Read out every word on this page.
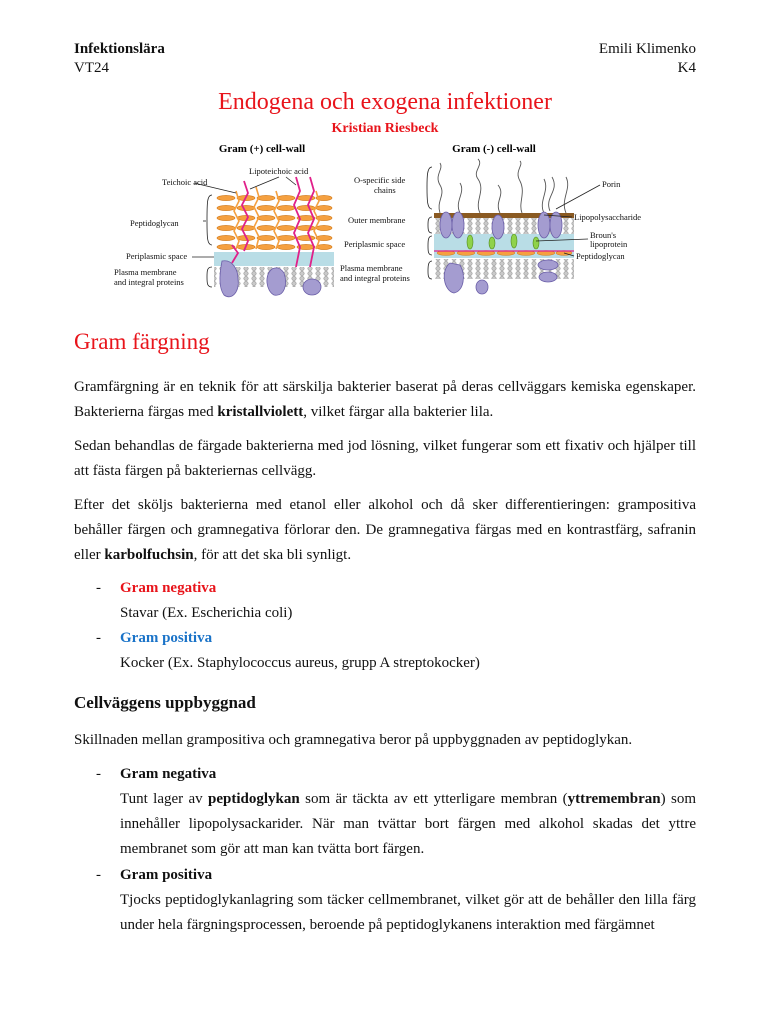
Infektionslära	Emili Klimenko
VT24	K4
Endogena och exogena infektioner
Kristian Riesbeck
Gram (+) cell-wall
Teichoic acid
Lipoteichoic acid
Peptidoglycan
Periplasmic space
Plasma membrane
and integral proteins
Gram (-) cell-wall
O-specific side
chains
Outer membrane
Periplasmic space
Plasma membrane
and integral proteins
Porin
Lipopolysaccharide
Broun's
lipoprotein
Peptidoglycan
Gram färgning

Gramfärgning är en teknik för att särskilja bakterier baserat på deras cellväggars kemiska egenskaper. Bakterierna färgas med kristallviolett, vilket färgar alla bakterier lila.

Sedan behandlas de färgade bakterierna med jod lösning, vilket fungerar som ett fixativ och hjälper till att fästa färgen på bakteriernas cellvägg.

Efter det sköljs bakterierna med etanol eller alkohol och då sker differentieringen: grampositiva behåller färgen och gramnegativa förlorar den. De gramnegativa färgas med en kontrastfärg, safranin eller karbolfuchsin, för att det ska bli synligt.

- Gram negativa
Stavar (Ex. Escherichia coli)
- Gram positiva
Kocker (Ex. Staphylococcus aureus, grupp A streptokocker)
Cellväggens uppbyggnad

Skillnaden mellan grampositiva och gramnegativa beror på uppbyggnaden av peptidoglykan.

- Gram negativa
Tunt lager av peptidoglykan som är täckta av ett ytterligare membran (yttremembran) som innehåller lipopolysackarider. När man tvättar bort färgen med alkohol skadas det yttre membranet som gör att man kan tvätta bort färgen.
- Gram positiva
Tjocks peptidoglykanlagring som täcker cellmembranet, vilket gör att de behåller den lilla färg under hela färgningsprocessen, beroende på peptidoglykanens interaktion med färgämnet
